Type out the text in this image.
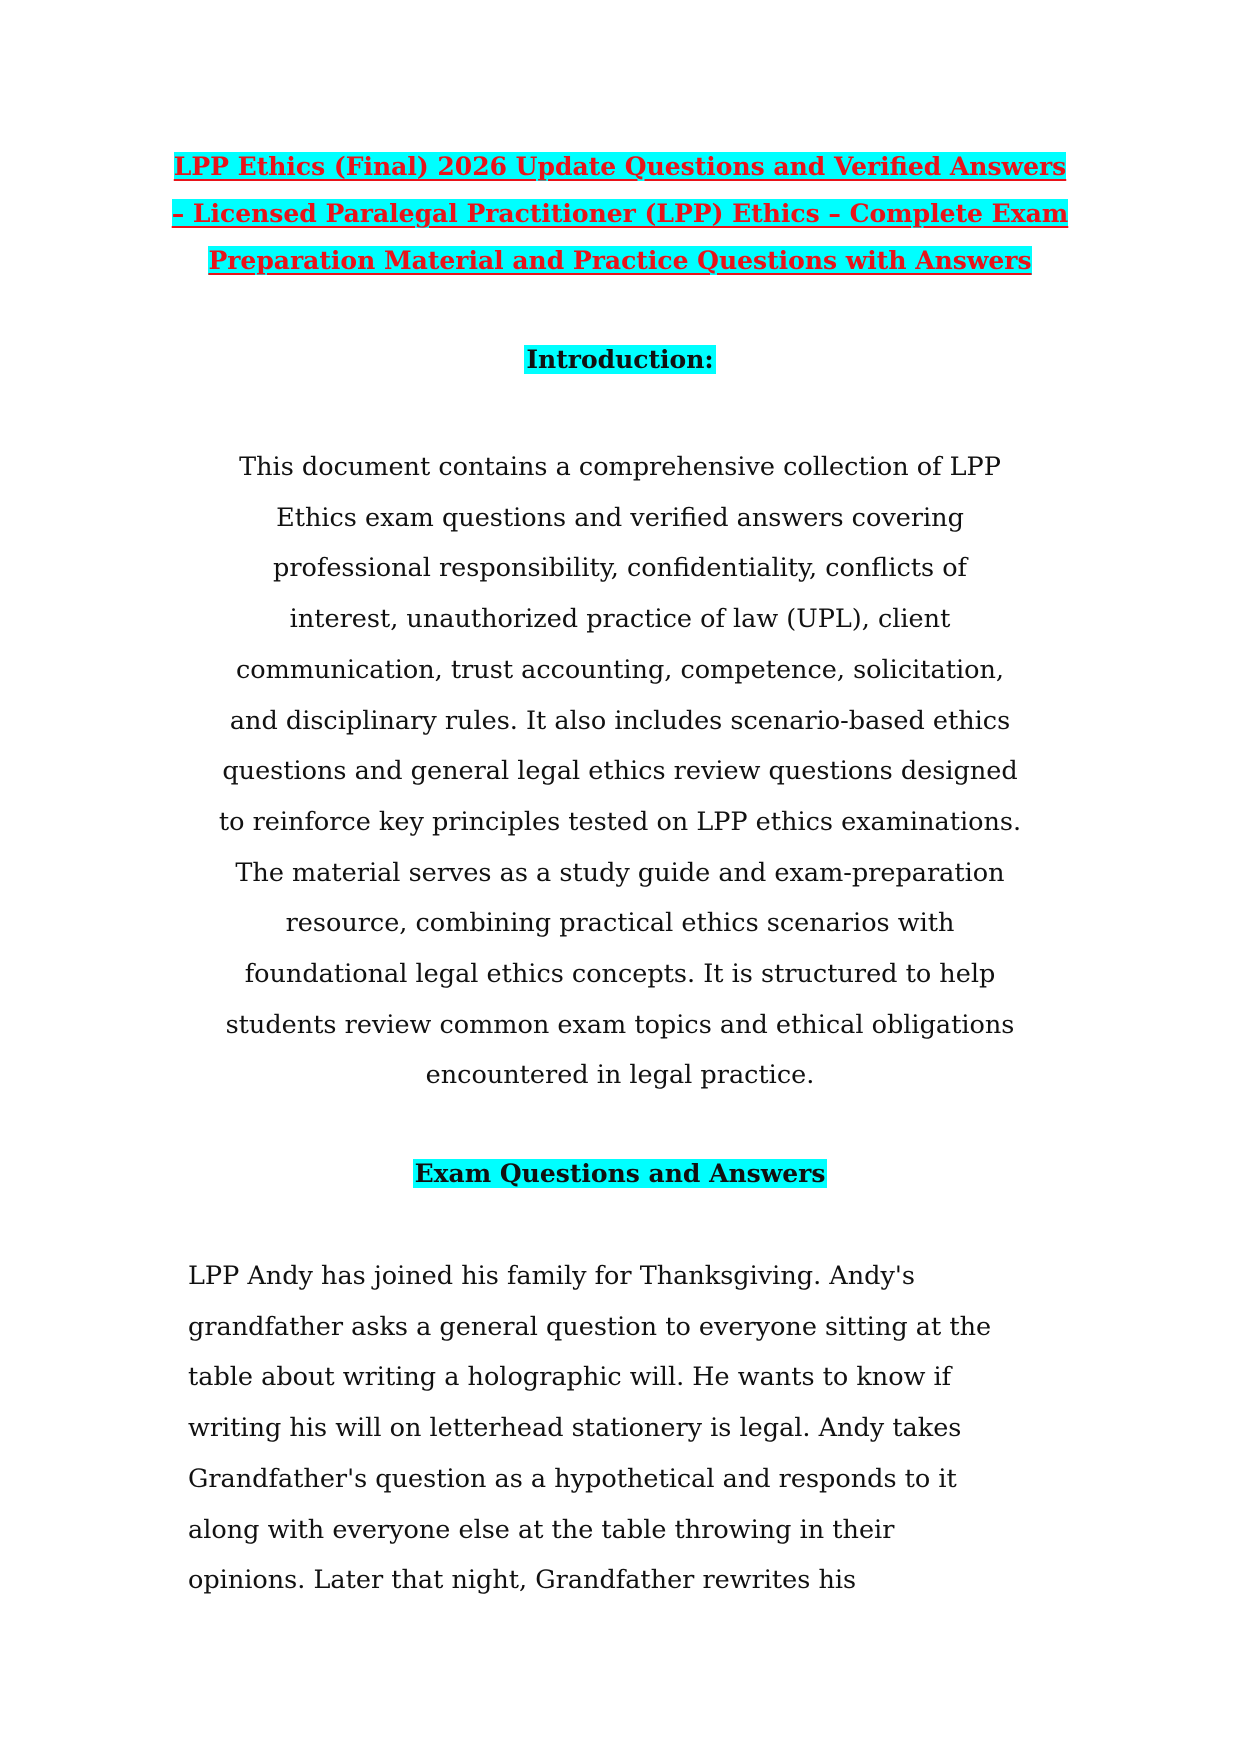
LPP Ethics (Final) 2026 Update Questions and Verified Answers
– Licensed Paralegal Practitioner (LPP) Ethics – Complete Exam
Preparation Material and Practice Questions with Answers
Introduction:
This document contains a comprehensive collection of LPP
Ethics exam questions and verified answers covering
professional responsibility, confidentiality, conflicts of
interest, unauthorized practice of law (UPL), client
communication, trust accounting, competence, solicitation,
and disciplinary rules. It also includes scenario-based ethics
questions and general legal ethics review questions designed
to reinforce key principles tested on LPP ethics examinations.
The material serves as a study guide and exam-preparation
resource, combining practical ethics scenarios with
foundational legal ethics concepts. It is structured to help
students review common exam topics and ethical obligations
encountered in legal practice.
Exam Questions and Answers
LPP Andy has joined his family for Thanksgiving. Andy's
grandfather asks a general question to everyone sitting at the
table about writing a holographic will. He wants to know if
writing his will on letterhead stationery is legal. Andy takes
Grandfather's question as a hypothetical and responds to it
along with everyone else at the table throwing in their
opinions. Later that night, Grandfather rewrites his
